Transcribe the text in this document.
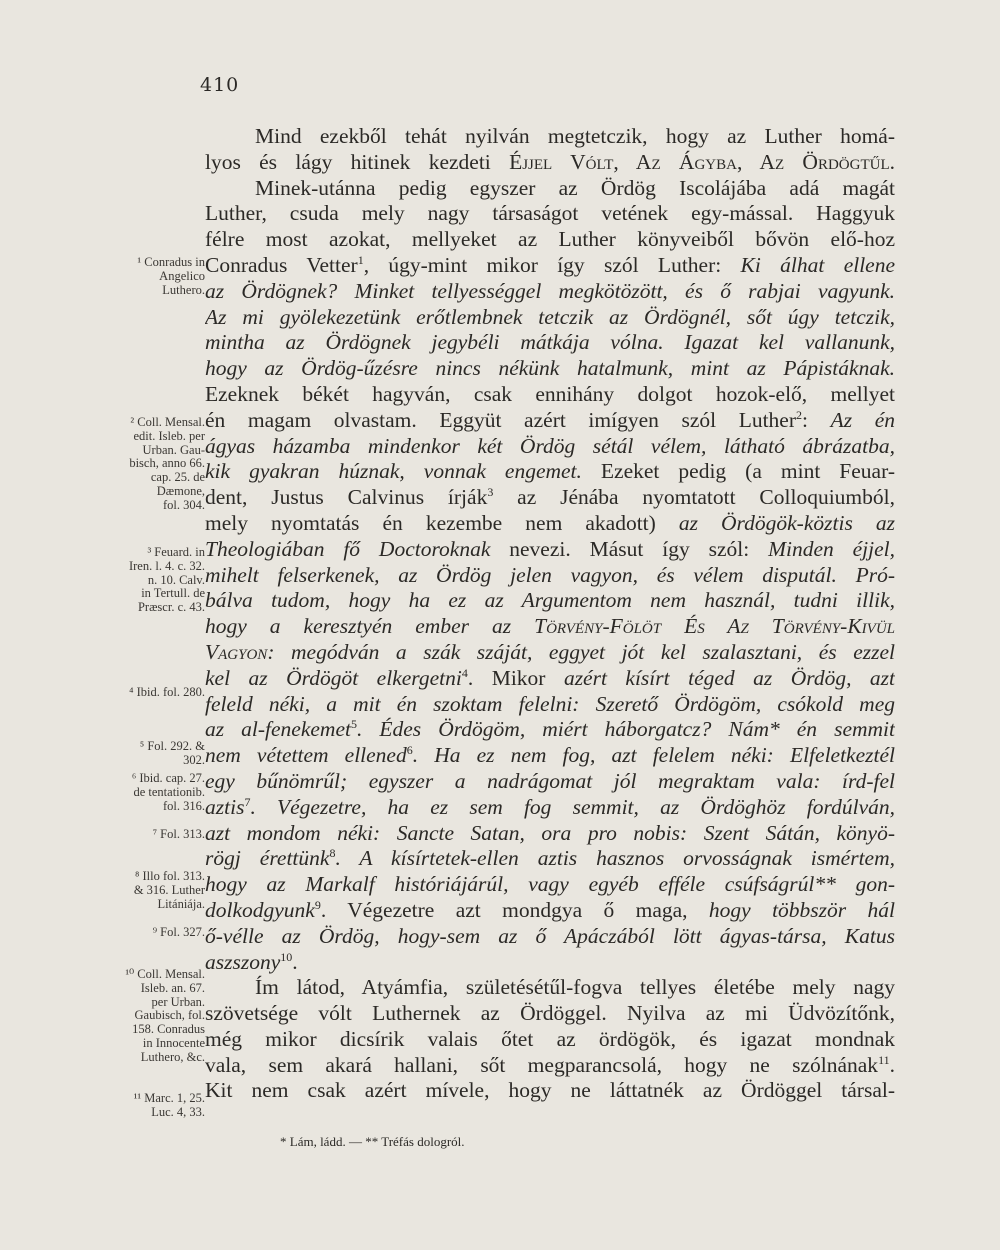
410
Mind ezekből tehát nyilván megtetczik, hogy az Luther homá-
lyos és lágy hitinek kezdeti Éjjel Vólt, Az Ágyba, Az Ördögtűl.
Minek-utánna pedig egyszer az Ördög Iscolájába adá magát
Luther, csuda mely nagy társaságot vetének egy-mással. Haggyuk
félre most azokat, mellyeket az Luther könyveiből bővön elő-hoz
Conradus Vetter$^1$, úgy-mint mikor így szól Luther: Ki álhat ellene
az Ördögnek? Minket tellyességgel megkötözött, és ő rabjai vagyunk.
Az mi gyölekezetünk erőtlembnek tetczik az Ördögnél, sőt úgy tetczik,
mintha az Ördögnek jegybéli mátkája vólna. Igazat kel vallanunk,
hogy az Ördög-űzésre nincs nékünk hatalmunk, mint az Pápistáknak.
Ezeknek békét hagyván, csak ennihány dolgot hozok-elő, mellyet
én magam olvastam. Eggyüt azért imígyen szól Luther$^2$: Az én
ágyas házamba mindenkor két Ördög sétál vélem, látható ábrázatba,
kik gyakran húznak, vonnak engemet. Ezeket pedig (a mint Feuar-
dent, Justus Calvinus írják$^3$ az Jénába nyomtatott Colloquiumból,
mely nyomtatás én kezembe nem akadott) az Ördögök-köztis az
Theologiában fő Doctoroknak nevezi. Másut így szól: Minden éjjel,
mihelt felserkenek, az Ördög jelen vagyon, és vélem disputál. Pró-
bálva tudom, hogy ha ez az Argumentom nem használ, tudni illik,
hogy a keresztyén ember az Törvény-Fölöt És Az Törvény-Kivül
Vagyon: megódván a szák száját, eggyet jót kel szalasztani, és ezzel
kel az Ördögöt elkergetni$^4$. Mikor azért kísírt téged az Ördög, azt
feleld néki, a mit én szoktam felelni: Szerető Ördögöm, csókold meg
az al-fenekemet$^5$. Édes Ördögöm, miért háborgatcz? Nám* én semmit
nem vétettem ellened$^6$. Ha ez nem fog, azt felelem néki: Elfeletkeztél
egy bűnömrűl; egyszer a nadrágomat jól megraktam vala: írd-fel
aztis$^7$. Végezetre, ha ez sem fog semmit, az Ördöghöz fordúlván,
azt mondom néki: Sancte Satan, ora pro nobis: Szent Sátán, könyö-
rögj érettünk$^8$. A kísírtetek-ellen aztis hasznos orvosságnak ismértem,
hogy az Markalf históriájárúl, vagy egyéb efféle csúfságrúl** gon-
dolkodgyunk$^9$. Végezetre azt mondgya ő maga, hogy többször hál
ő-vélle az Ördög, hogy-sem az ő Apáczából lött ágyas-társa, Katus
aszszony$^{10}$.
Ím látod, Atyámfia, születésétűl-fogva tellyes életébe mely nagy
szövetsége vólt Luthernek az Ördöggel. Nyilva az mi Üdvözítőnk,
még mikor dicsírik valais őtet az ördögök, és igazat mondnak
vala, sem akará hallani, sőt megparancsolá, hogy ne szólnának$^{11}$.
Kit nem csak azért mívele, hogy ne láttatnék az Ördöggel társal-
¹ Conradus in
Angelico
Luthero.
² Coll. Mensal.
edit. Isleb. per
Urban. Gau-
bisch, anno 66.
cap. 25. de
Dæmone,
fol. 304.
³ Feuard. in
Iren. l. 4. c. 32.
n. 10. Calv.
in Tertull. de
Præscr. c. 43.
⁴ Ibid. fol. 280.
⁵ Fol. 292. &
302.
⁶ Ibid. cap. 27.
de tentationib.
fol. 316.
⁷ Fol. 313.
⁸ Illo fol. 313.
& 316. Luther
Litániája.
⁹ Fol. 327.
¹⁰ Coll. Mensal.
Isleb. an. 67.
per Urban.
Gaubisch, fol.
158. Conradus
in Innocente
Luthero, &c.
¹¹ Marc. 1, 25.
Luc. 4, 33.
* Lám, ládd. — ** Tréfás dologról.
